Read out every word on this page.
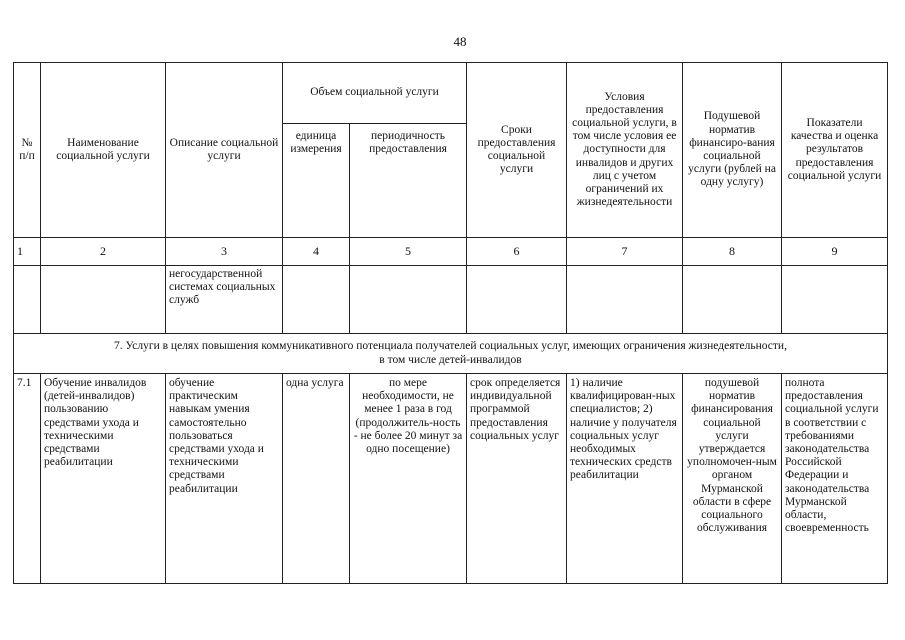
48
№ п/п	Наименование социальной услуги	Описание социальной услуги	Объем социальной услуги		Сроки предоставления социальной услуги	Условия предоставления социальной услуги, в том числе условия ее доступности для инвалидов и других лиц с учетом ограничений их жизнедеятельности	Подушевой норматив финансиро-вания социальной услуги (рублей на одну услугу)	Показатели качества и оценка результатов предоставления социальной услуги
			единица измерения	периодичность предоставления				
1	2	3	4	5	6	7	8	9
		негосударственной системах социальных служб						

7. Услуги в целях повышения коммуникативного потенциала получателей социальных услуг, имеющих ограничения жизнедеятельности,
в том числе детей-инвалидов								

7.1	Обучение инвалидов (детей-инвалидов) пользованию средствами ухода и техническими средствами реабилитации	обучение практическим навыкам умения самостоятельно пользоваться средствами ухода и техническими средствами реабилитации	одна услуга	по мере необходимости, не менее 1 раза в год (продолжитель-ность - не более 20 минут за одно посещение)	срок определяется индивидуальной программой предоставления социальных услуг	1) наличие квалифицирован-ных специалистов; 2) наличие у получателя социальных услуг необходимых технических средств реабилитации	подушевой норматив финансирования социальной услуги утверждается уполномочен-ным органом Мурманской области в сфере социального обслуживания	полнота предоставления социальной услуги в соответствии с требованиями законодательства Российской Федерации и законодательства Мурманской области, своевременность
